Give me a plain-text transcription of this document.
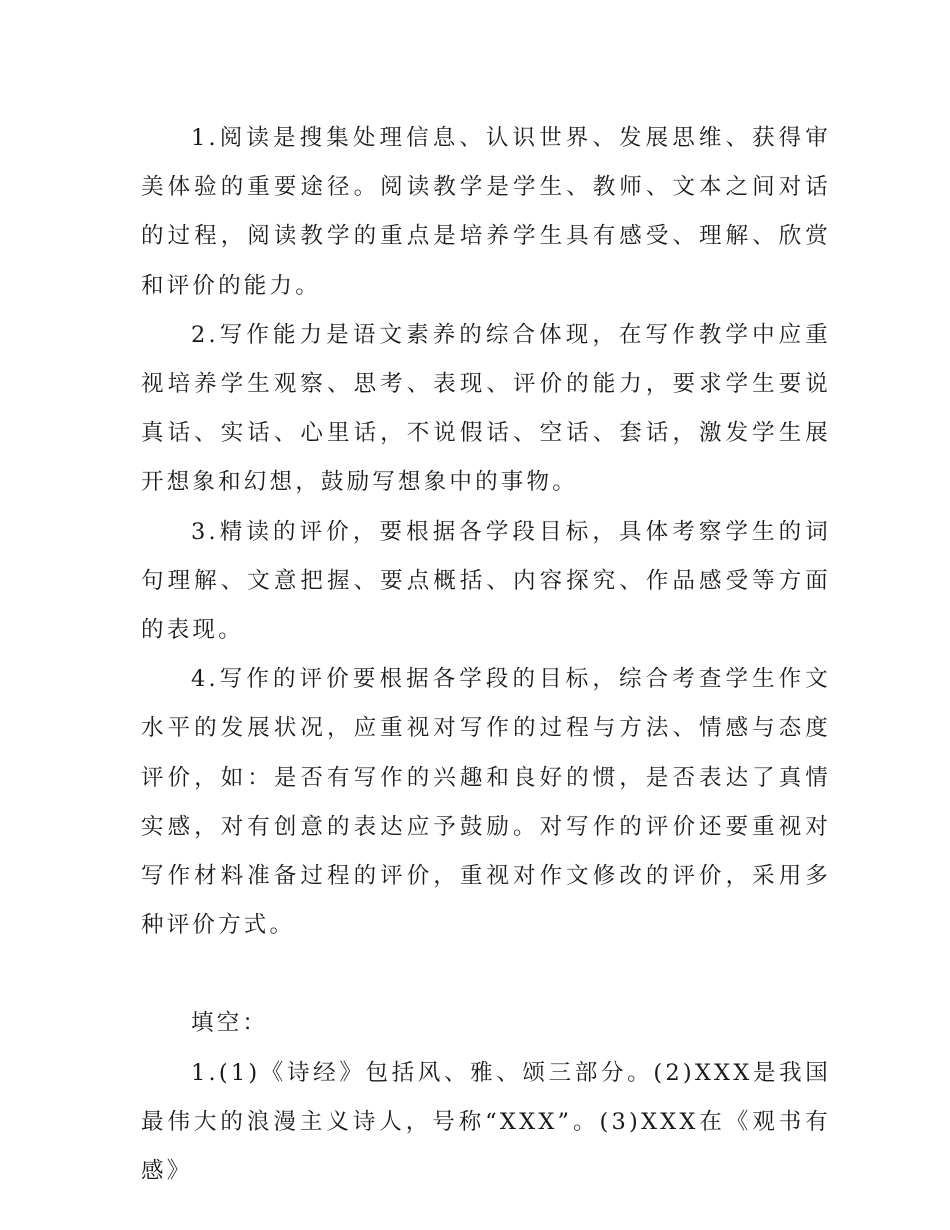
1.阅读是搜集处理信息、认识世界、发展思维、获得审美体验的重要途径。阅读教学是学生、教师、文本之间对话的过程，阅读教学的重点是培养学生具有感受、理解、欣赏和评价的能力。

2.写作能力是语文素养的综合体现，在写作教学中应重视培养学生观察、思考、表现、评价的能力，要求学生要说真话、实话、心里话，不说假话、空话、套话，激发学生展开想象和幻想，鼓励写想象中的事物。

3.精读的评价，要根据各学段目标，具体考察学生的词句理解、文意把握、要点概括、内容探究、作品感受等方面的表现。

4.写作的评价要根据各学段的目标，综合考查学生作文水平的发展状况，应重视对写作的过程与方法、情感与态度评价，如：是否有写作的兴趣和良好的惯，是否表达了真情实感，对有创意的表达应予鼓励。对写作的评价还要重视对写作材料准备过程的评价，重视对作文修改的评价，采用多种评价方式。

填空：

1.(1)《诗经》包括风、雅、颂三部分。(2)XXX是我国最伟大的浪漫主义诗人，号称“XXX”。(3)XXX在《观书有感》
